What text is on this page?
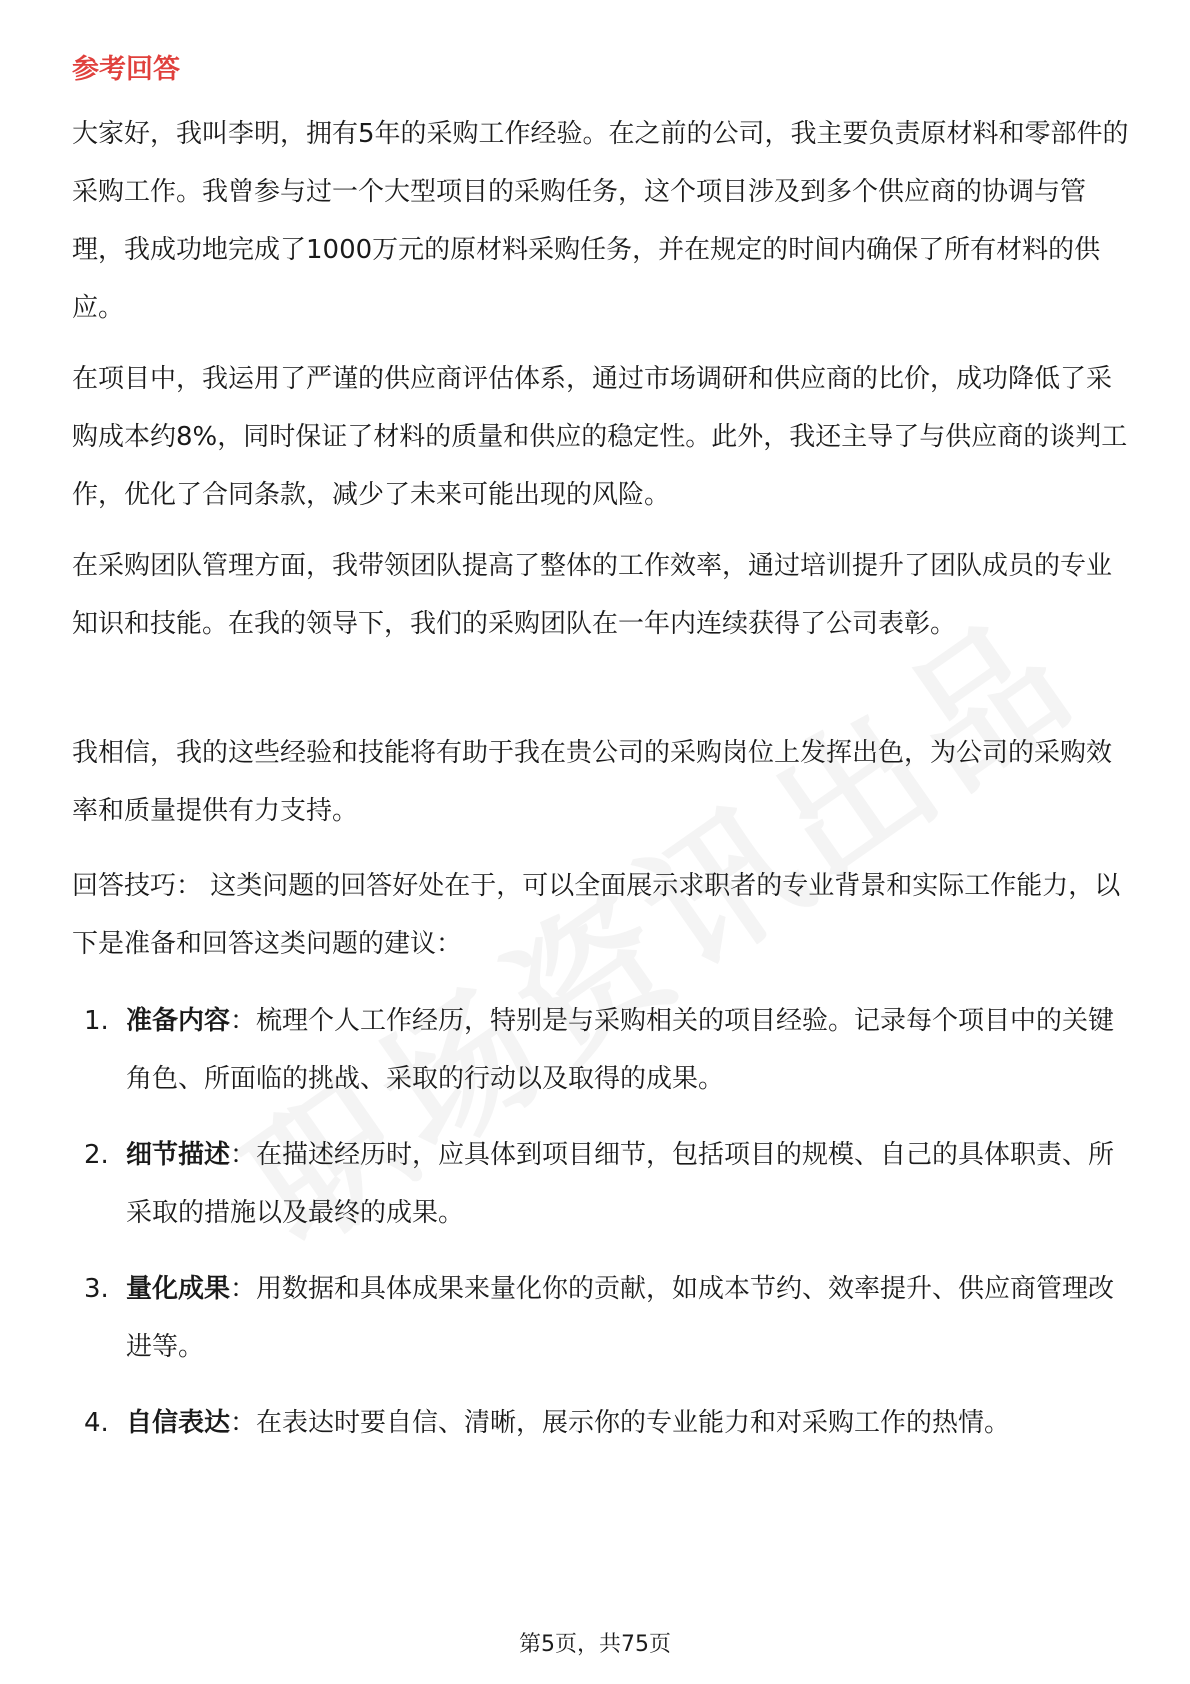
参考回答

大家好，我叫李明，拥有5年的采购工作经验。在之前的公司，我主要负责原材料和零部件的采购工作。我曾参与过一个大型项目的采购任务，这个项目涉及到多个供应商的协调与管理，我成功地完成了1000万元的原材料采购任务，并在规定的时间内确保了所有材料的供应。

在项目中，我运用了严谨的供应商评估体系，通过市场调研和供应商的比价，成功降低了采购成本约8%，同时保证了材料的质量和供应的稳定性。此外，我还主导了与供应商的谈判工作，优化了合同条款，减少了未来可能出现的风险。

在采购团队管理方面，我带领团队提高了整体的工作效率，通过培训提升了团队成员的专业知识和技能。在我的领导下，我们的采购团队在一年内连续获得了公司表彰。

我相信，我的这些经验和技能将有助于我在贵公司的采购岗位上发挥出色，为公司的采购效率和质量提供有力支持。

回答技巧： 这类问题的回答好处在于，可以全面展示求职者的专业背景和实际工作能力，以下是准备和回答这类问题的建议：

1. 准备内容：梳理个人工作经历，特别是与采购相关的项目经验。记录每个项目中的关键角色、所面临的挑战、采取的行动以及取得的成果。
2. 细节描述：在描述经历时，应具体到项目细节，包括项目的规模、自己的具体职责、所采取的措施以及最终的成果。
3. 量化成果：用数据和具体成果来量化你的贡献，如成本节约、效率提升、供应商管理改进等。
4. 自信表达：在表达时要自信、清晰，展示你的专业能力和对采购工作的热情。
第5页，共75页
